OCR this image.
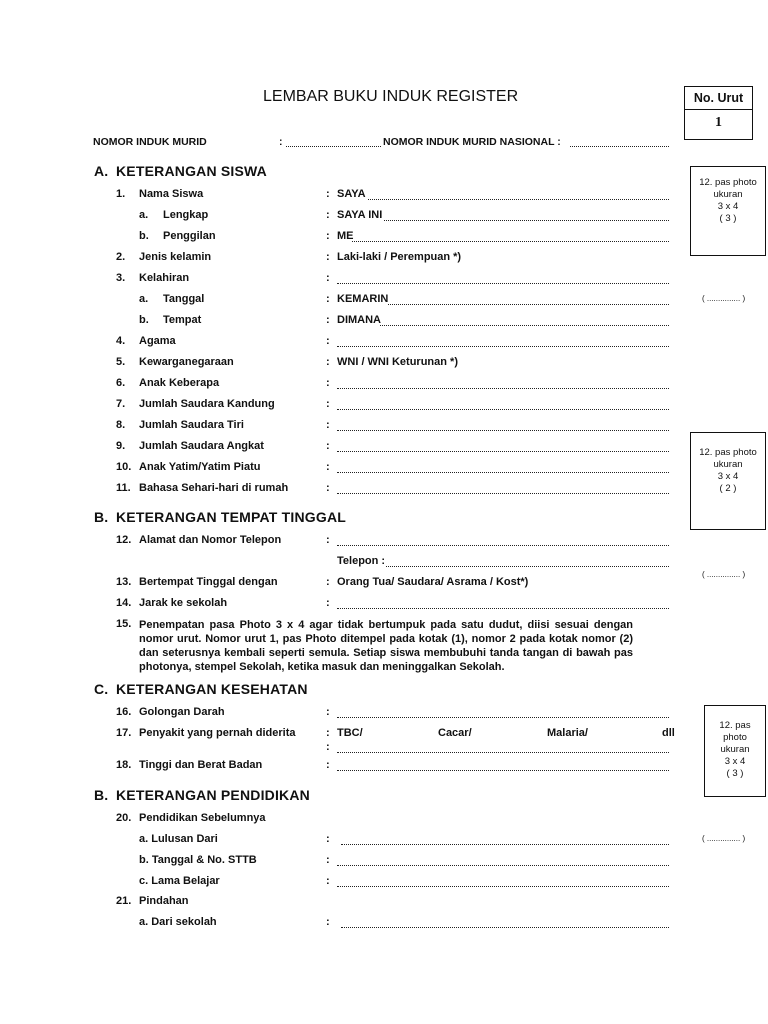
LEMBAR BUKU INDUK REGISTER	No. Urut
1
NOMOR INDUK MURID	:	NOMOR INDUK MURID NASIONAL :
A. KETERANGAN SISWA
1. Nama Siswa	: SAYA
a. Lengkap	: SAYA INI
b. Penggilan	: ME
2. Jenis kelamin	: Laki-laki / Perempuan *)
3. Kelahiran	:
a. Tanggal	: KEMARIN
b. Tempat	: DIMANA
4. Agama	:
5. Kewarganegaraan	: WNI / WNI Keturunan *)
6. Anak Keberapa	:
7. Jumlah Saudara Kandung	:
8. Jumlah Saudara Tiri	:
9. Jumlah Saudara Angkat	:
10. Anak Yatim/Yatim Piatu	:
11. Bahasa Sehari-hari di rumah	:
B. KETERANGAN TEMPAT TINGGAL
12. Alamat dan Nomor Telepon	:
Telepon :
13. Bertempat Tinggal dengan	: Orang Tua/ Saudara/ Asrama / Kost*)
14. Jarak ke sekolah	:
15. Penempatan pasa Photo 3 x 4 agar tidak bertumpuk pada satu dudut, diisi sesuai dengan nomor urut. Nomor urut 1, pas Photo ditempel pada kotak (1), nomor 2 pada kotak nomor (2) dan seterusnya kembali seperti semula. Setiap siswa membubuhi tanda tangan di bawah pas photonya, stempel Sekolah, ketika masuk dan meninggalkan Sekolah.
C. KETERANGAN KESEHATAN
16. Golongan Darah	:
17. Penyakit yang pernah diderita	: TBC/	Cacar/	Malaria/	dll
:
18. Tinggi dan Berat Badan	:
B. KETERANGAN PENDIDIKAN
20. Pendidikan Sebelumnya
a. Lulusan Dari	:
b. Tanggal & No. STTB	:
c. Lama Belajar	:
21. Pindahan
a. Dari sekolah	:
12. pas photo
ukuran
3 x 4
( 3 )
( ............... )
12. pas photo
ukuran
3 x 4
( 2 )
( ............... )
12. pas
photo
ukuran
3 x 4
( 3 )
( ............... )
